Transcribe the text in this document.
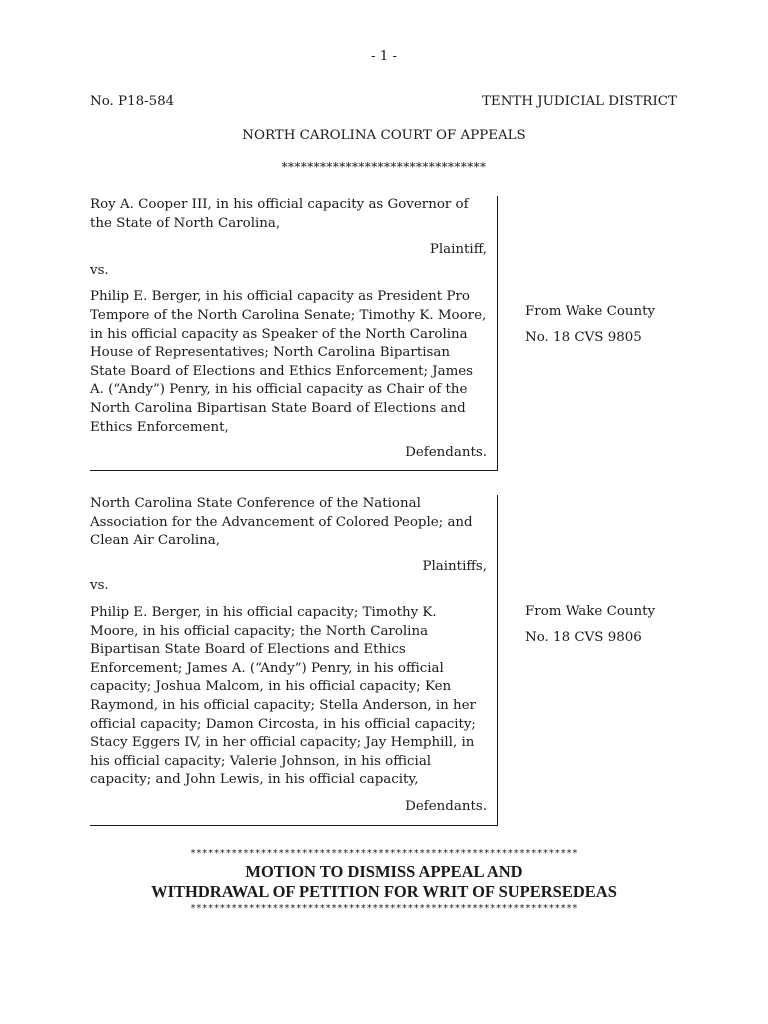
- 1 -
No. P18-584	TENTH JUDICIAL DISTRICT
NORTH CAROLINA COURT OF APPEALS
********************************

Roy A. Cooper III, in his official capacity as Governor of the State of North Carolina,

Plaintiff,
vs.

Philip E. Berger, in his official capacity as President Pro Tempore of the North Carolina Senate; Timothy K. Moore, in his official capacity as Speaker of the North Carolina House of Representatives; North Carolina Bipartisan State Board of Elections and Ethics Enforcement; James A. (“Andy”) Penry, in his official capacity as Chair of the North Carolina Bipartisan State Board of Elections and Ethics Enforcement,

Defendants.
From Wake County
No. 18 CVS 9805

North Carolina State Conference of the National Association for the Advancement of Colored People; and Clean Air Carolina,

Plaintiffs,
vs.

Philip E. Berger, in his official capacity; Timothy K. Moore, in his official capacity; the North Carolina Bipartisan State Board of Elections and Ethics Enforcement; James A. (“Andy”) Penry, in his official capacity; Joshua Malcom, in his official capacity; Ken Raymond, in his official capacity; Stella Anderson, in her official capacity; Damon Circosta, in his official capacity; Stacy Eggers IV, in her official capacity; Jay Hemphill, in his official capacity; Valerie Johnson, in his official capacity; and John Lewis, in his official capacity,

Defendants.
From Wake County
No. 18 CVS 9806
******************************************************************
MOTION TO DISMISS APPEAL AND
WITHDRAWAL OF PETITION FOR WRIT OF SUPERSEDEAS
******************************************************************
